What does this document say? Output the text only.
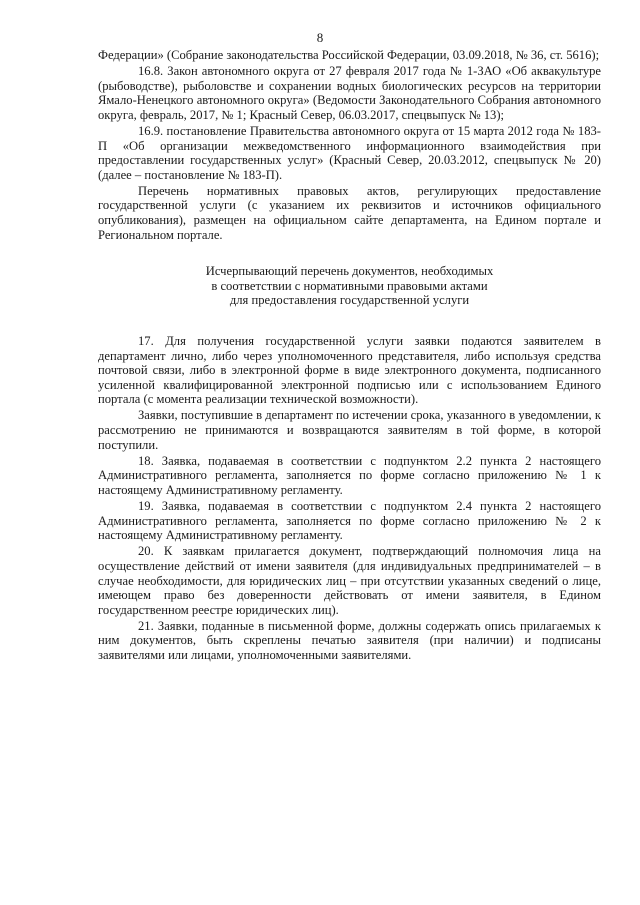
8

Федерации» (Собрание законодательства Российской Федерации, 03.09.2018, № 36, ст. 5616);

16.8. Закон автономного округа от 27 февраля 2017 года № 1-ЗАО «Об аквакультуре (рыбоводстве), рыболовстве и сохранении водных биологических ресурсов на территории Ямало-Ненецкого автономного округа» (Ведомости Законодательного Собрания автономного округа, февраль, 2017, № 1; Красный Север, 06.03.2017, спецвыпуск № 13);

16.9. постановление Правительства автономного округа от 15 марта 2012 года № 183-П «Об организации межведомственного информационного взаимодействия при предоставлении государственных услуг» (Красный Север, 20.03.2012, спецвыпуск № 20) (далее – постановление № 183-П).

Перечень нормативных правовых актов, регулирующих предоставление государственной услуги (с указанием их реквизитов и источников официального опубликования), размещен на официальном сайте департамента, на Едином портале и Региональном портале.

Исчерпывающий перечень документов, необходимых
в соответствии с нормативными правовыми актами
для предоставления государственной услуги

17. Для получения государственной услуги заявки подаются заявителем в департамент лично, либо через уполномоченного представителя, либо используя средства почтовой связи, либо в электронной форме в виде электронного документа, подписанного усиленной квалифицированной электронной подписью или с использованием Единого портала (с момента реализации технической возможности).

Заявки, поступившие в департамент по истечении срока, указанного в уведомлении, к рассмотрению не принимаются и возвращаются заявителям в той форме, в которой поступили.

18. Заявка, подаваемая в соответствии с подпунктом 2.2 пункта 2 настоящего Административного регламента, заполняется по форме согласно приложению № 1 к настоящему Административному регламенту.

19. Заявка, подаваемая в соответствии с подпунктом 2.4 пункта 2 настоящего Административного регламента, заполняется по форме согласно приложению № 2 к настоящему Административному регламенту.

20. К заявкам прилагается документ, подтверждающий полномочия лица на осуществление действий от имени заявителя (для индивидуальных предпринимателей – в случае необходимости, для юридических лиц – при отсутствии указанных сведений о лице, имеющем право без доверенности действовать от имени заявителя, в Едином государственном реестре юридических лиц).

21. Заявки, поданные в письменной форме, должны содержать опись прилагаемых к ним документов, быть скреплены печатью заявителя (при наличии) и подписаны заявителями или лицами, уполномоченными заявителями.
